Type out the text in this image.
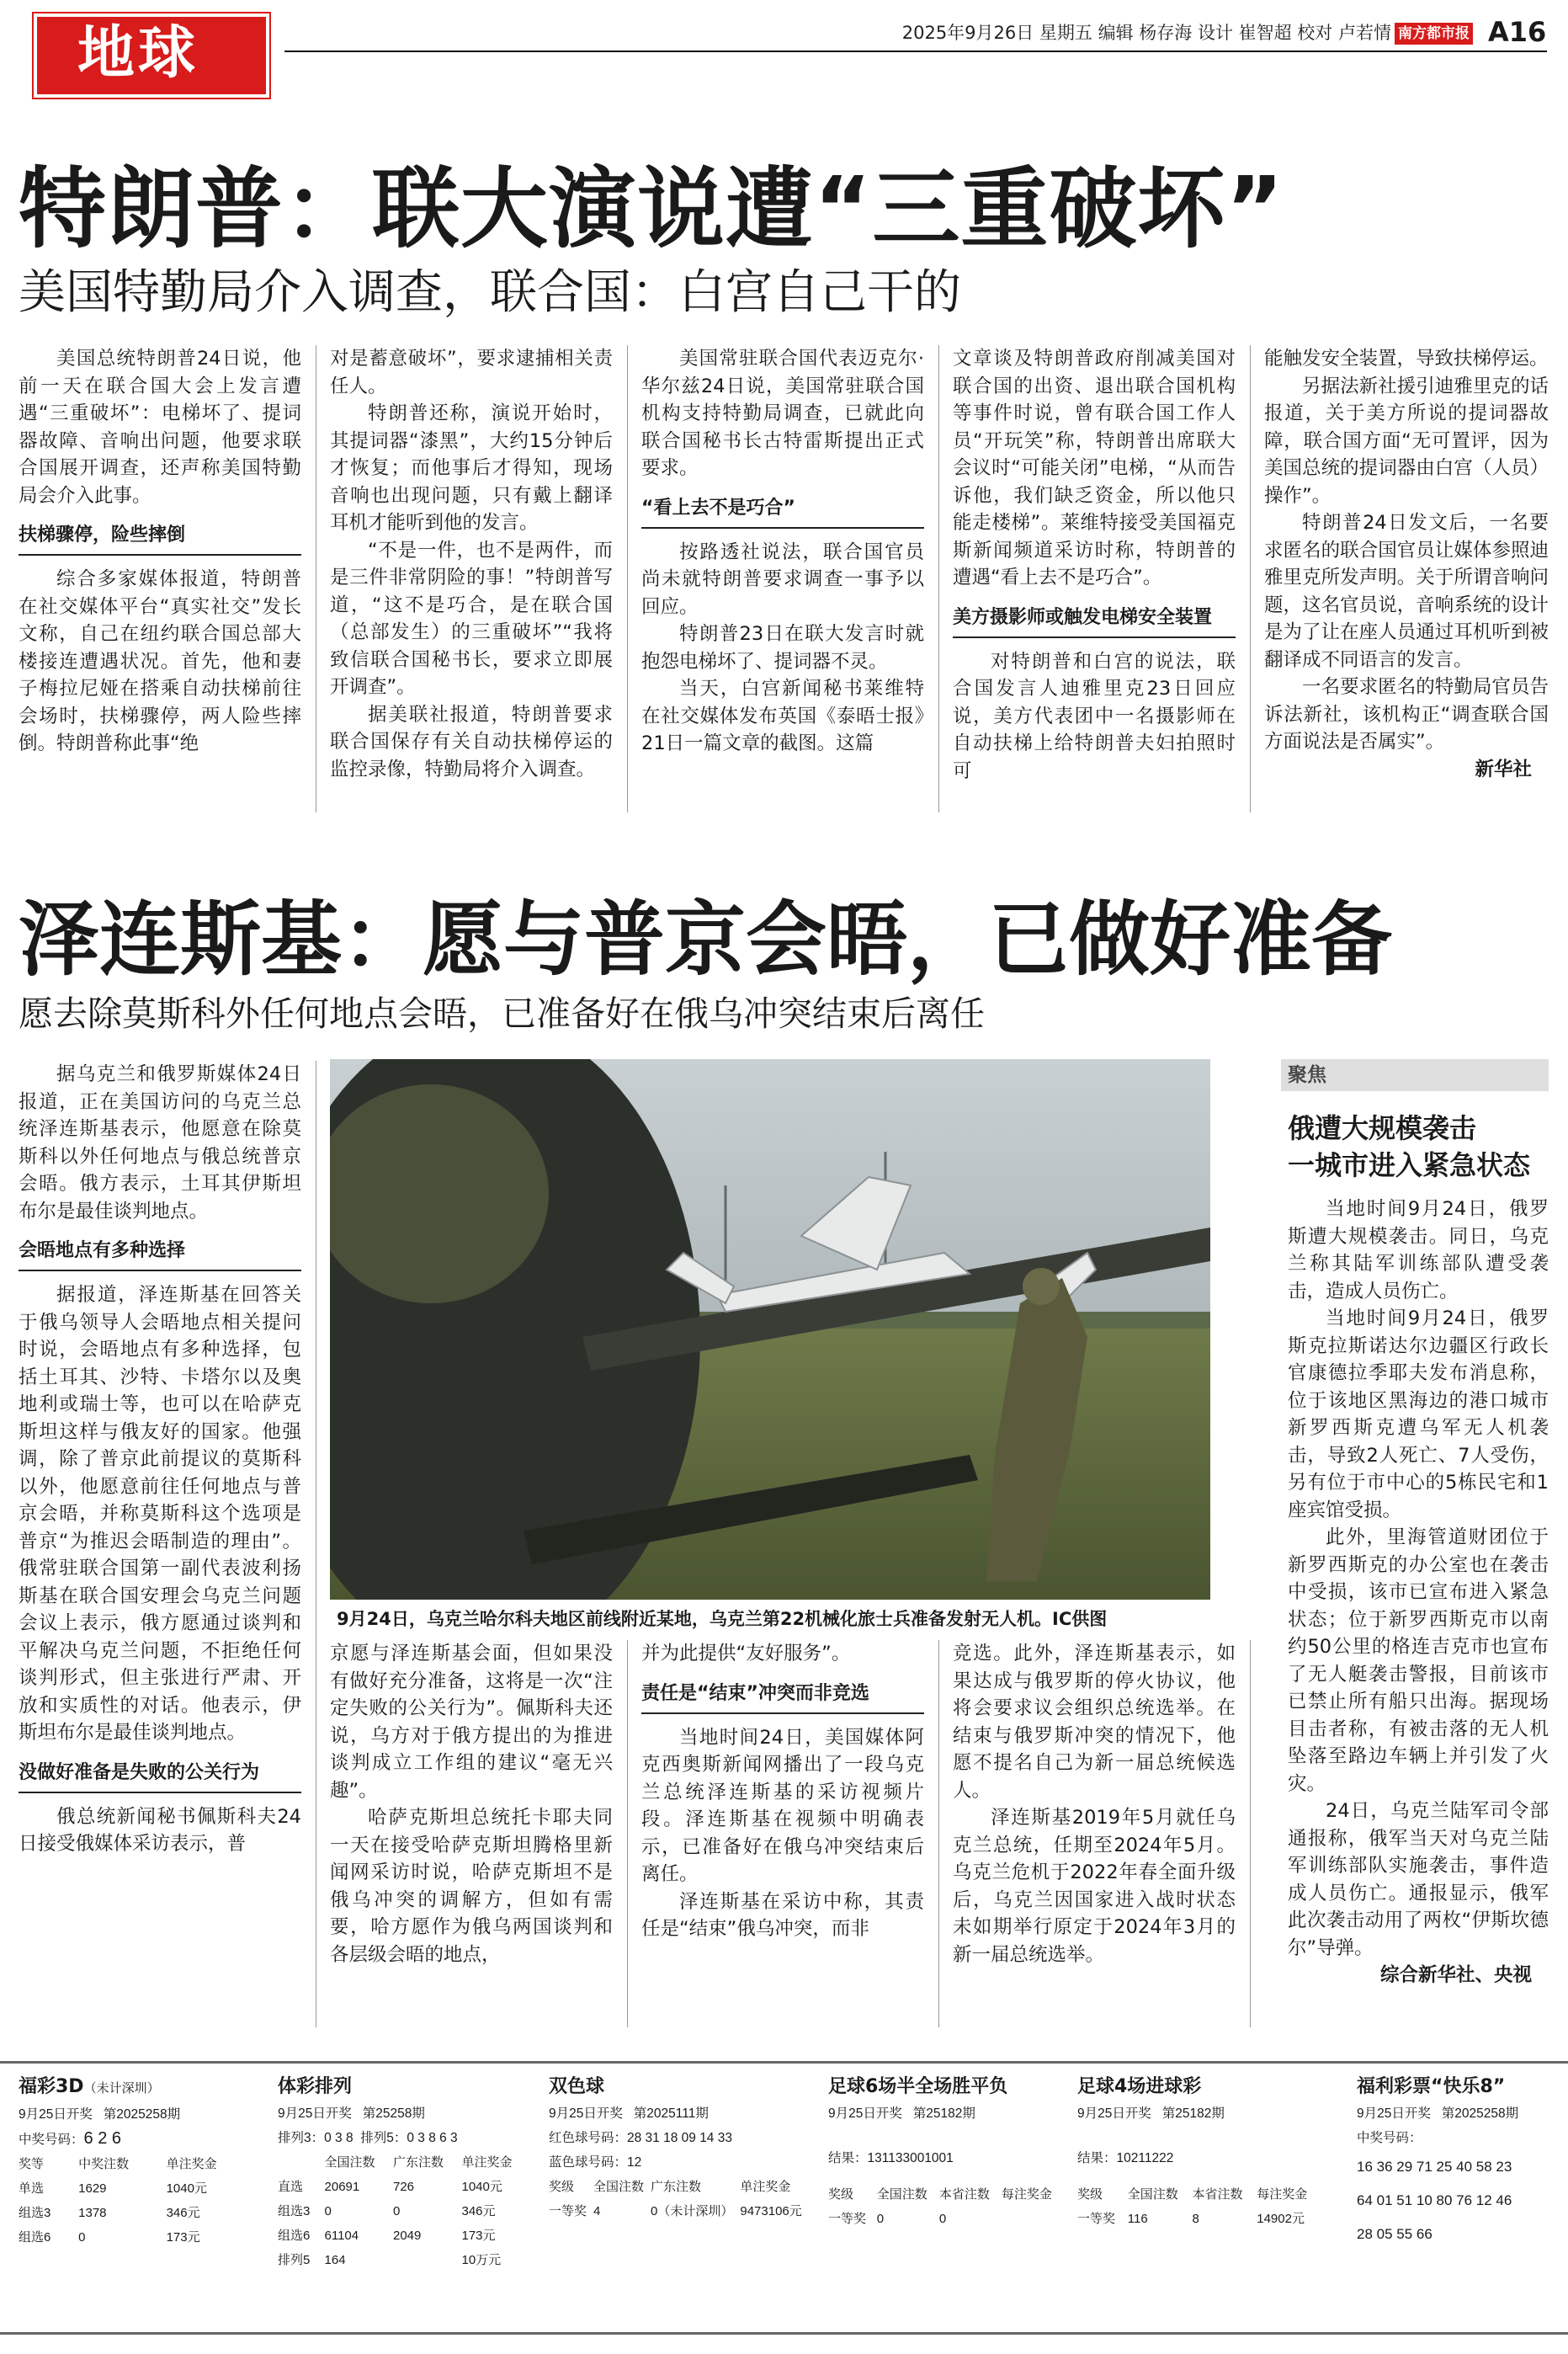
地球	2025年9月26日 星期五 编辑 杨存海 设计 崔智超 校对 卢若情 南方都市报 A16
特朗普：联大演说遭“三重破坏”
美国特勤局介入调查，联合国：白宫自己干的

美国总统特朗普24日说，他前一天在联合国大会上发言遭遇“三重破坏”：电梯坏了、提词器故障、音响出问题，他要求联合国展开调查，还声称美国特勤局会介入此事。

扶梯骤停，险些摔倒

综合多家媒体报道，特朗普在社交媒体平台“真实社交”发长文称，自己在纽约联合国总部大楼接连遭遇状况。首先，他和妻子梅拉尼娅在搭乘自动扶梯前往会场时，扶梯骤停，两人险些摔倒。特朗普称此事“绝

对是蓄意破坏”，要求逮捕相关责任人。

特朗普还称，演说开始时，其提词器“漆黑”，大约15分钟后才恢复；而他事后才得知，现场音响也出现问题，只有戴上翻译耳机才能听到他的发言。

“不是一件，也不是两件，而是三件非常阴险的事！”特朗普写道，“这不是巧合，是在联合国（总部发生）的三重破坏”“我将致信联合国秘书长，要求立即展开调查”。

据美联社报道，特朗普要求联合国保存有关自动扶梯停运的监控录像，特勤局将介入调查。

美国常驻联合国代表迈克尔·华尔兹24日说，美国常驻联合国机构支持特勤局调查，已就此向联合国秘书长古特雷斯提出正式要求。

“看上去不是巧合”

按路透社说法，联合国官员尚未就特朗普要求调查一事予以回应。

特朗普23日在联大发言时就抱怨电梯坏了、提词器不灵。

当天，白宫新闻秘书莱维特在社交媒体发布英国《泰晤士报》21日一篇文章的截图。这篇

文章谈及特朗普政府削减美国对联合国的出资、退出联合国机构等事件时说，曾有联合国工作人员“开玩笑”称，特朗普出席联大会议时“可能关闭”电梯，“从而告诉他，我们缺乏资金，所以他只能走楼梯”。莱维特接受美国福克斯新闻频道采访时称，特朗普的遭遇“看上去不是巧合”。

美方摄影师或触发电梯安全装置

对特朗普和白宫的说法，联合国发言人迪雅里克23日回应说，美方代表团中一名摄影师在自动扶梯上给特朗普夫妇拍照时可

能触发安全装置，导致扶梯停运。

另据法新社援引迪雅里克的话报道，关于美方所说的提词器故障，联合国方面“无可置评，因为美国总统的提词器由白宫（人员）操作”。

特朗普24日发文后，一名要求匿名的联合国官员让媒体参照迪雅里克所发声明。关于所谓音响问题，这名官员说，音响系统的设计是为了让在座人员通过耳机听到被翻译成不同语言的发言。

一名要求匿名的特勤局官员告诉法新社，该机构正“调查联合国方面说法是否属实”。

新华社

泽连斯基：愿与普京会晤，已做好准备
愿去除莫斯科外任何地点会晤，已准备好在俄乌冲突结束后离任
9月24日，乌克兰哈尔科夫地区前线附近某地，乌克兰第22机械化旅士兵准备发射无人机。IC供图

据乌克兰和俄罗斯媒体24日报道，正在美国访问的乌克兰总统泽连斯基表示，他愿意在除莫斯科以外任何地点与俄总统普京会晤。俄方表示，土耳其伊斯坦布尔是最佳谈判地点。

会晤地点有多种选择

据报道，泽连斯基在回答关于俄乌领导人会晤地点相关提问时说，会晤地点有多种选择，包括土耳其、沙特、卡塔尔以及奥地利或瑞士等，也可以在哈萨克斯坦这样与俄友好的国家。他强调，除了普京此前提议的莫斯科以外，他愿意前往任何地点与普京会晤，并称莫斯科这个选项是普京“为推迟会晤制造的理由”。俄常驻联合国第一副代表波利扬斯基在联合国安理会乌克兰问题会议上表示，俄方愿通过谈判和平解决乌克兰问题，不拒绝任何谈判形式，但主张进行严肃、开放和实质性的对话。他表示，伊斯坦布尔是最佳谈判地点。

没做好准备是失败的公关行为

俄总统新闻秘书佩斯科夫24日接受俄媒体采访表示，普

京愿与泽连斯基会面，但如果没有做好充分准备，这将是一次“注定失败的公关行为”。佩斯科夫还说，乌方对于俄方提出的为推进谈判成立工作组的建议“毫无兴趣”。

哈萨克斯坦总统托卡耶夫同一天在接受哈萨克斯坦腾格里新闻网采访时说，哈萨克斯坦不是俄乌冲突的调解方，但如有需要，哈方愿作为俄乌两国谈判和各层级会晤的地点，

并为此提供“友好服务”。

责任是“结束”冲突而非竞选

当地时间24日，美国媒体阿克西奥斯新闻网播出了一段乌克兰总统泽连斯基的采访视频片段。泽连斯基在视频中明确表示，已准备好在俄乌冲突结束后离任。

泽连斯基在采访中称，其责任是“结束”俄乌冲突，而非

竞选。此外，泽连斯基表示，如果达成与俄罗斯的停火协议，他将会要求议会组织总统选举。在结束与俄罗斯冲突的情况下，他愿不提名自己为新一届总统候选人。

泽连斯基2019年5月就任乌克兰总统，任期至2024年5月。乌克兰危机于2022年春全面升级后，乌克兰因国家进入战时状态未如期举行原定于2024年3月的新一届总统选举。

聚焦
俄遭大规模袭击
一城市进入紧急状态

当地时间9月24日，俄罗斯遭大规模袭击。同日，乌克兰称其陆军训练部队遭受袭击，造成人员伤亡。

当地时间9月24日，俄罗斯克拉斯诺达尔边疆区行政长官康德拉季耶夫发布消息称，位于该地区黑海边的港口城市新罗西斯克遭乌军无人机袭击，导致2人死亡、7人受伤，另有位于市中心的5栋民宅和1座宾馆受损。

此外，里海管道财团位于新罗西斯克的办公室也在袭击中受损，该市已宣布进入紧急状态；位于新罗西斯克市以南约50公里的格连吉克市也宣布了无人艇袭击警报，目前该市已禁止所有船只出海。据现场目击者称，有被击落的无人机坠落至路边车辆上并引发了火灾。

24日，乌克兰陆军司令部通报称，俄军当天对乌克兰陆军训练部队实施袭击，事件造成人员伤亡。通报显示，俄军此次袭击动用了两枚“伊斯坎德尔”导弹。

综合新华社、央视

福彩3D（未计深圳）
9月25日开奖 第2025258期
中奖号码：6 2 6
奖等	中奖注数	单注奖金
单选	1629	1040元
组选3	1378	346元
组选6	0	173元
体彩排列
9月25日开奖 第25258期
排列3：0 3 8 排列5：0 3 8 6 3
	全国注数	广东注数	单注奖金
直选	20691	726	1040元
组选3	0	0	346元
组选6	61104	2049	173元
排列5	164		10万元
双色球
9月25日开奖 第2025111期
红色球号码：28 31 18 09 14 33
蓝色球号码：12
奖级	全国注数	广东注数	单注奖金
一等奖	4	0（未计深圳）	9473106元
足球6场半全场胜平负
9月25日开奖 第25182期
结果：131133001001
奖级	全国注数	本省注数	每注奖金
一等奖	0	0	
足球4场进球彩
9月25日开奖 第25182期
结果：10211222
奖级	全国注数	本省注数	每注奖金
一等奖	116	8	14902元
福利彩票“快乐8”
9月25日开奖 第2025258期
中奖号码：
16 36 29 71 25 40 58 23
64 01 51 10 80 76 12 46
28 05 55 66
